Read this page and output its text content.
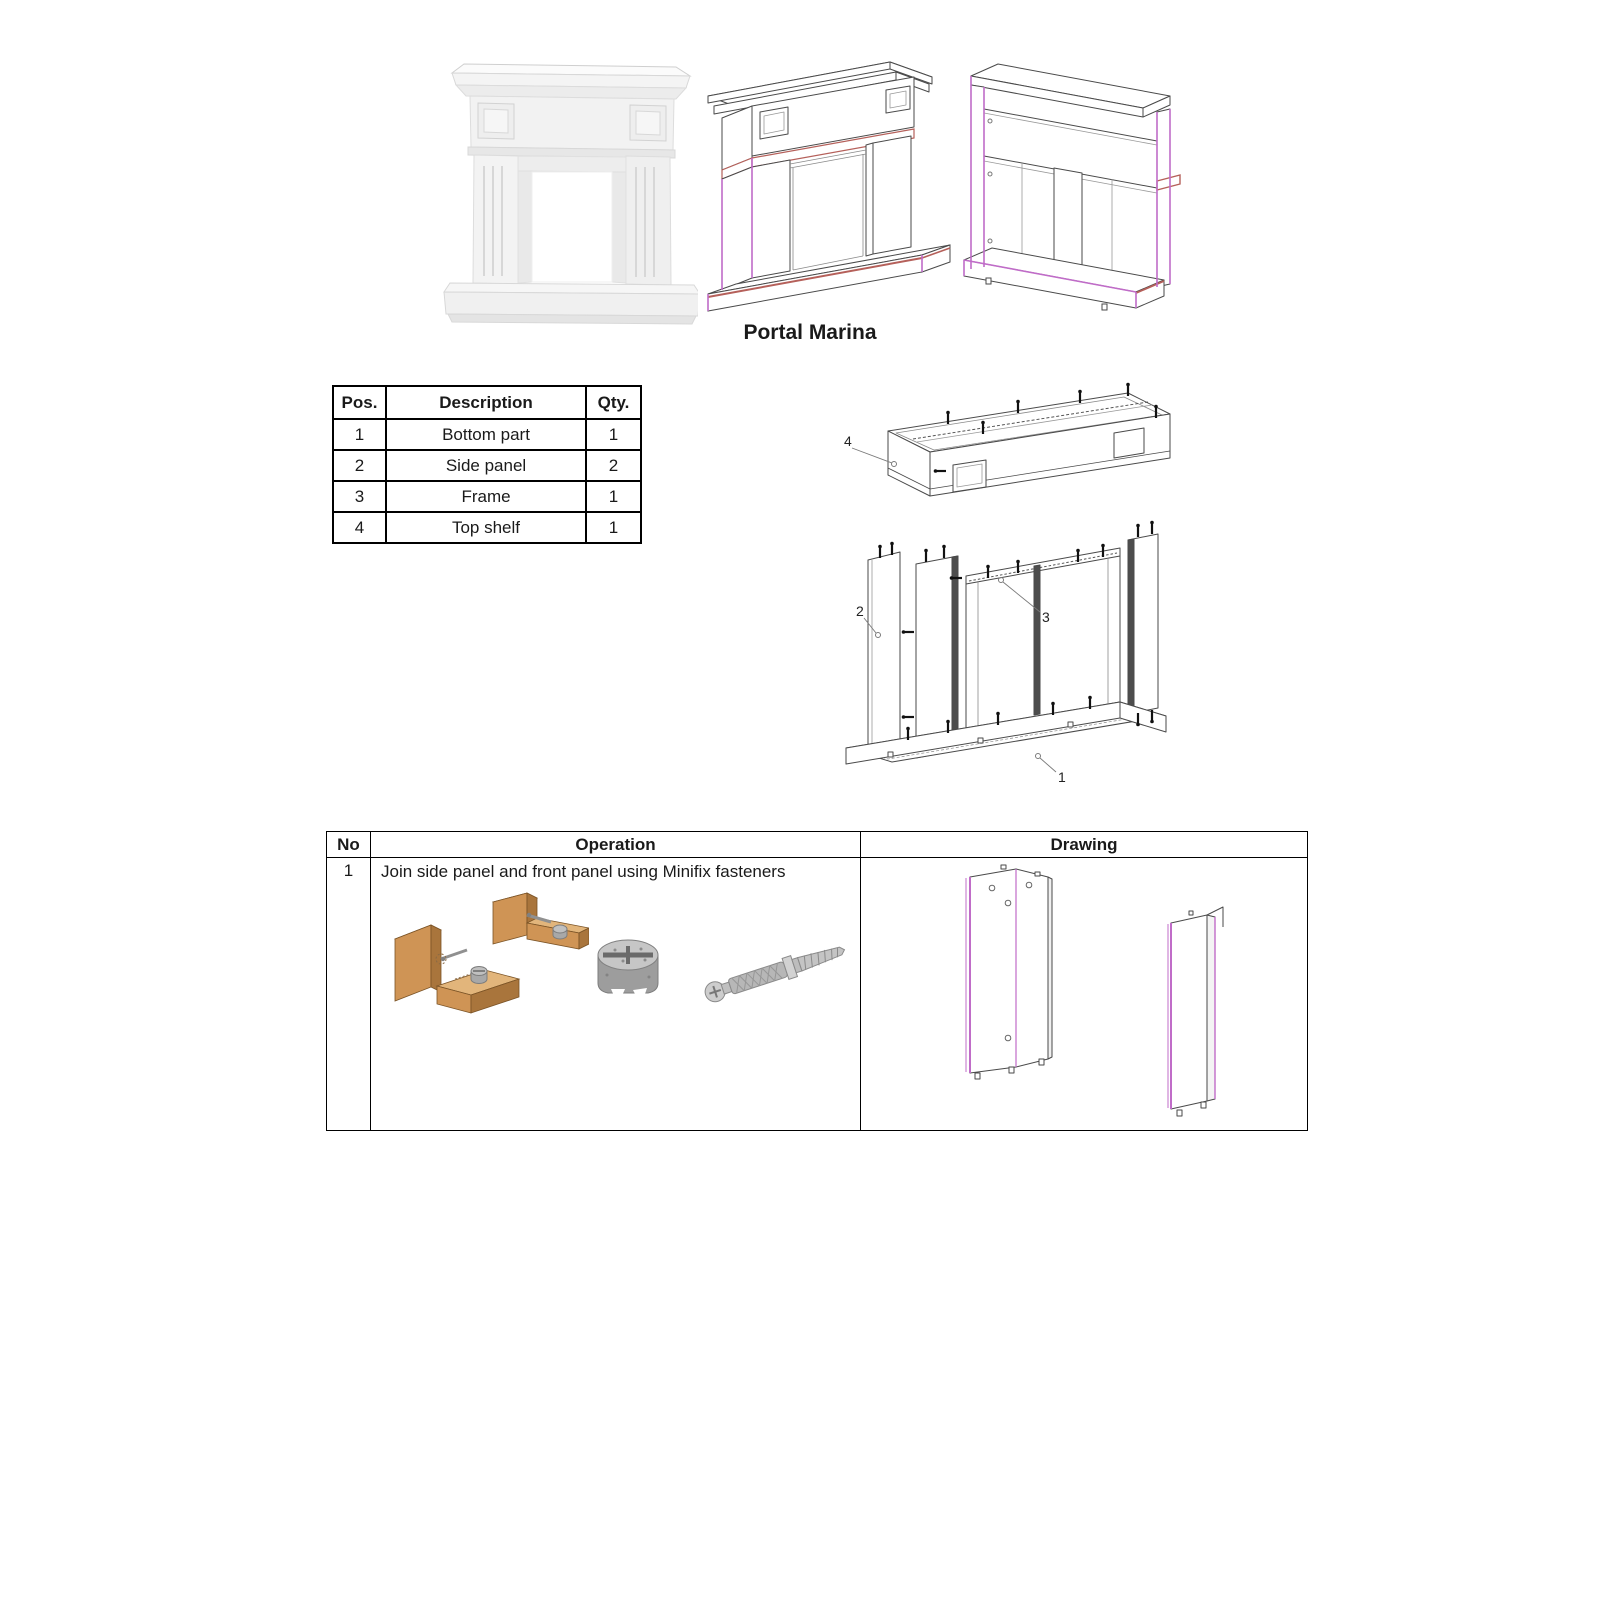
Portal Marina
Pos.	Description	Qty.
1	Bottom part	1
2	Side panel	2
3	Frame	1
4	Top shelf	1
4
2	3
1
No	Operation	Drawing
1	Join side panel and front panel using Minifix fasteners
